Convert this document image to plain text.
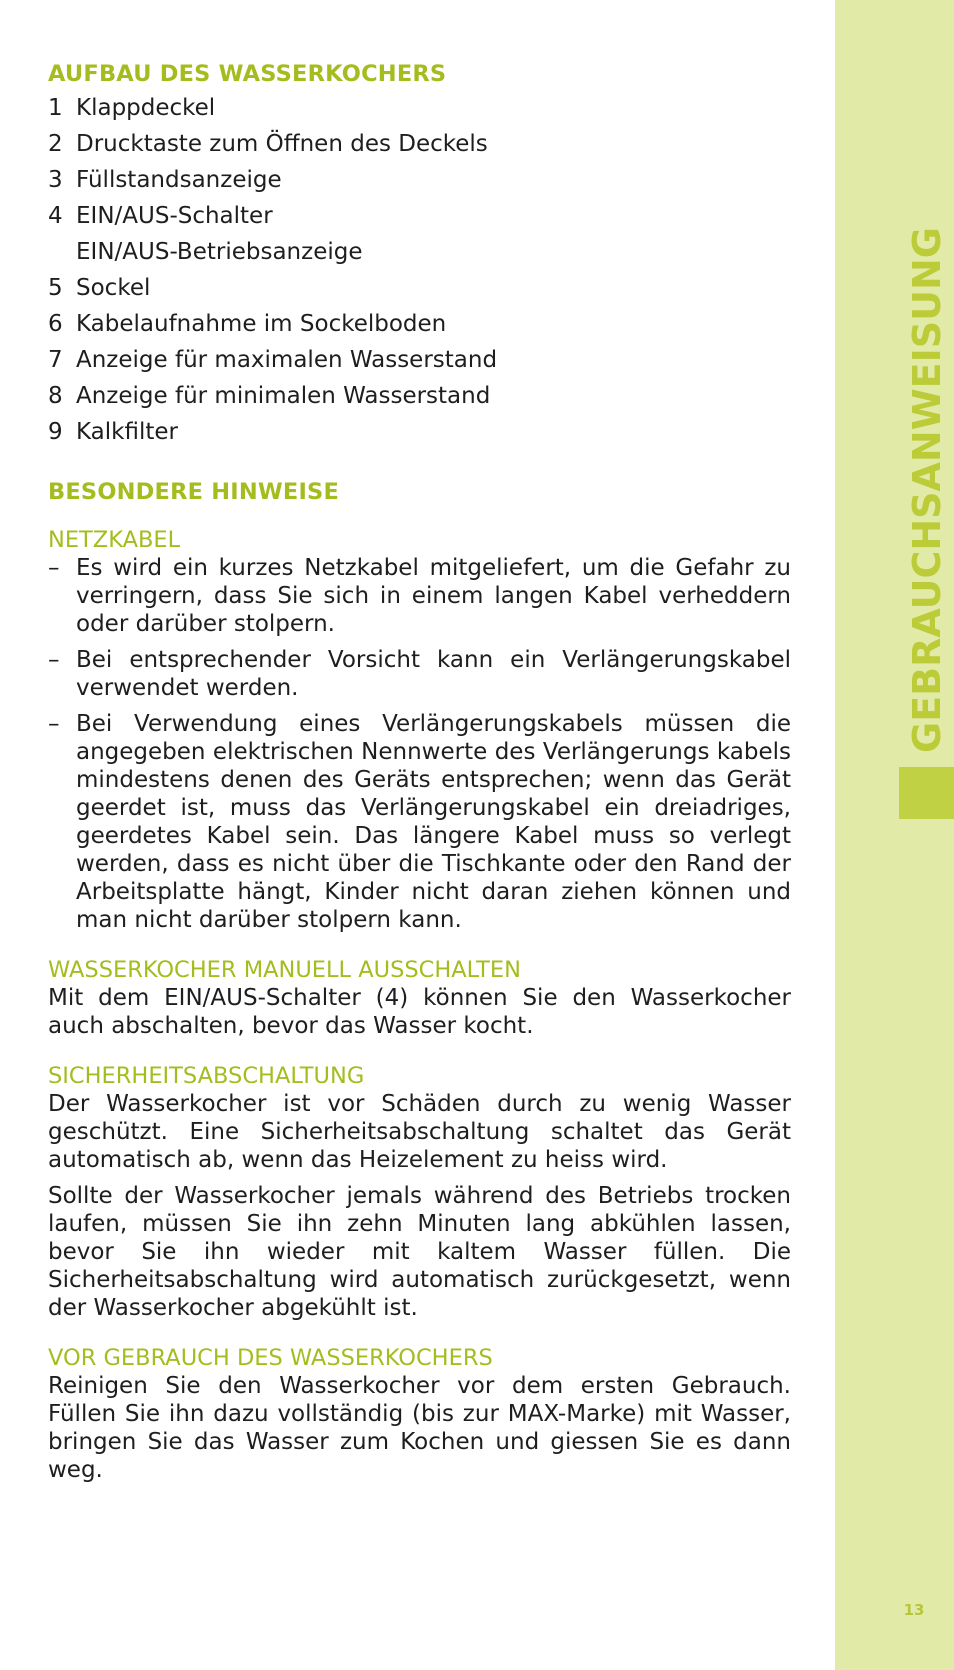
GEBRAUCHSANWEISUNG
13
AUFBAU DES WASSERKOCHERS
1 Klappdeckel
2 Drucktaste zum Öffnen des Deckels
3 Füllstandsanzeige
4 EIN/AUS-Schalter
EIN/AUS-Betriebsanzeige
5 Sockel
6 Kabelaufnahme im Sockelboden
7 Anzeige für maximalen Wasserstand
8 Anzeige für minimalen Wasserstand
9 Kalkfilter
BESONDERE HINWEISE
NETZKABEL
– Es wird ein kurzes Netzkabel mitgeliefert, um die Gefahr zu verringern, dass Sie sich in einem langen Kabel verheddern oder darüber stolpern.
– Bei entsprechender Vorsicht kann ein Verlängerungskabel verwendet werden.
– Bei Verwendung eines Verlängerungskabels müssen die angegeben elektrischen Nennwerte des Verlängerungs kabels mindestens denen des Geräts entsprechen; wenn das Gerät geerdet ist, muss das Verlängerungskabel ein dreiadriges, geerdetes Kabel sein. Das längere Kabel muss so verlegt werden, dass es nicht über die Tischkante oder den Rand der Arbeitsplatte hängt, Kinder nicht daran ziehen können und man nicht darüber stolpern kann.
WASSERKOCHER MANUELL AUSSCHALTEN

Mit dem EIN/AUS-Schalter (4) können Sie den Wasserkocher auch abschalten, bevor das Wasser kocht.

SICHERHEITSABSCHALTUNG

Der Wasserkocher ist vor Schäden durch zu wenig Wasser geschützt. Eine Sicherheitsabschaltung schaltet das Gerät automatisch ab, wenn das Heizelement zu heiss wird.

Sollte der Wasserkocher jemals während des Betriebs trocken laufen, müssen Sie ihn zehn Minuten lang abkühlen lassen, bevor Sie ihn wieder mit kaltem Wasser füllen. Die Sicherheitsabschaltung wird automatisch zurückgesetzt, wenn der Wasserkocher abgekühlt ist.

VOR GEBRAUCH DES WASSERKOCHERS

Reinigen Sie den Wasserkocher vor dem ersten Gebrauch. Füllen Sie ihn dazu vollständig (bis zur MAX-Marke) mit Wasser, bringen Sie das Wasser zum Kochen und giessen Sie es dann weg.
